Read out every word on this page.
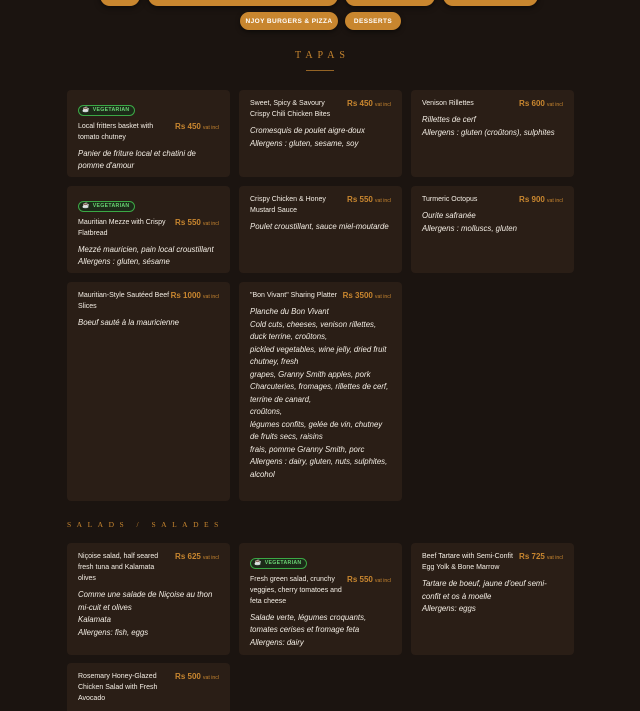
NJOY BURGERS & PIZZA	DESSERTS
TAPAS
SALADS / SALADES
☕ VEGETARIAN
Local fritters basket with tomato chutney
Rs 450 vat incl
Panier de friture local et chatini de pomme d'amour
Sweet, Spicy & Savoury Crispy Chili Chicken Bites
Rs 450 vat incl
Cromesquis de poulet aigre-doux
Allergens : gluten, sesame, soy
Venison Rillettes	Rs 600 vat incl
Rillettes de cerf
Allergens : gluten (croûtons), sulphites
☕ VEGETARIAN
Mauritian Mezze with Crispy Flatbread
Rs 550 vat incl
Mezzé mauricien, pain local croustillant
Allergens : gluten, sésame
Crispy Chicken & Honey Mustard Sauce
Rs 550 vat incl
Poulet croustillant, sauce miel-moutarde
Turmeric Octopus	Rs 900 vat incl
Ourite safranée
Allergens : molluscs, gluten
Mauritian-Style Sautéed Beef Slices
Rs 1000 vat incl
Boeuf sauté à la mauricienne
"Bon Vivant" Sharing Platter Rs 3500 vat incl
Planche du Bon Vivant
Cold cuts, cheeses, venison rillettes,
duck terrine, croûtons,
pickled vegetables, wine jelly, dried fruit chutney, fresh
grapes, Granny Smith apples, pork
Charcuteries, fromages, rillettes de cerf,
terrine de canard,
croûtons,
légumes confits, gelée de vin, chutney
de fruits secs, raisins
frais, pomme Granny Smith, porc
Allergens : dairy, gluten, nuts, sulphites,
alcohol
Niçoise salad, half seared fresh tuna and Kalamata olives
Rs 625 vat incl
Comme une salade de Niçoise au thon mi-cuit et olives
Kalamata
Allergens: fish, eggs
☕ VEGETARIAN
Fresh green salad, crunchy veggies, cherry tomatoes and feta cheese
Rs 550 vat incl
Salade verte, légumes croquants, tomates cerises et fromage feta
Allergens: dairy
Beef Tartare with Semi-Confit Egg Yolk & Bone Marrow
Rs 725 vat incl
Tartare de boeuf, jaune d'oeuf semi-confit et os à moelle
Allergens: eggs
Rosemary Honey-Glazed Chicken Salad with Fresh Avocado
Rs 500 vat incl
